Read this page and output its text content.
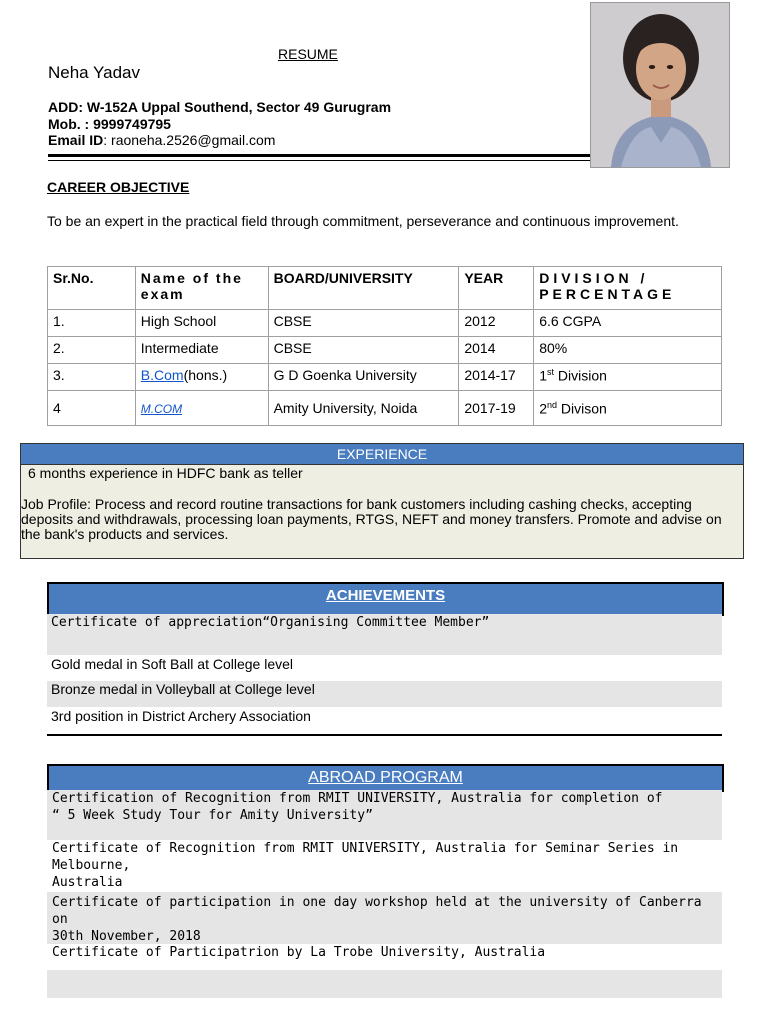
RESUME
Neha Yadav
ADD: W-152A Uppal Southend, Sector 49 Gurugram
Mob. : 9999749795
Email ID: raoneha.2526@gmail.com
CAREER OBJECTIVE
To be an expert in the practical field through commitment, perseverance and continuous improvement.
Sr.No.	Name of the exam	BOARD/UNIVERSITY	YEAR	DIVISION / PERCENTAGE
1.	High School	CBSE	2012	6.6 CGPA
2.	Intermediate	CBSE	2014	80%
3.	B.Com(hons.)	G D Goenka University	2014-17	1st Division
4	M.COM	Amity University, Noida	2017-19	2nd Divison
EXPERIENCE
6 months experience in HDFC bank as teller
Job Profile: Process and record routine transactions for bank customers including cashing checks, accepting deposits and withdrawals, processing loan payments, RTGS, NEFT and money transfers. Promote and advise on the bank's products and services.
ACHIEVEMENTS
Certificate of appreciation“Organising Committee Member”
Gold medal in Soft Ball at College level
Bronze medal in Volleyball at College level
3rd position in District Archery Association
ABROAD PROGRAM
Certification of Recognition from RMIT UNIVERSITY, Australia for completion of
“ 5 Week Study Tour for Amity University”
Certificate of Recognition from RMIT UNIVERSITY, Australia for Seminar Series in Melbourne,
Australia
Certificate of participation in one day workshop held at the university of Canberra on
30th November, 2018
Certificate of Participatrion by La Trobe University, Australia
